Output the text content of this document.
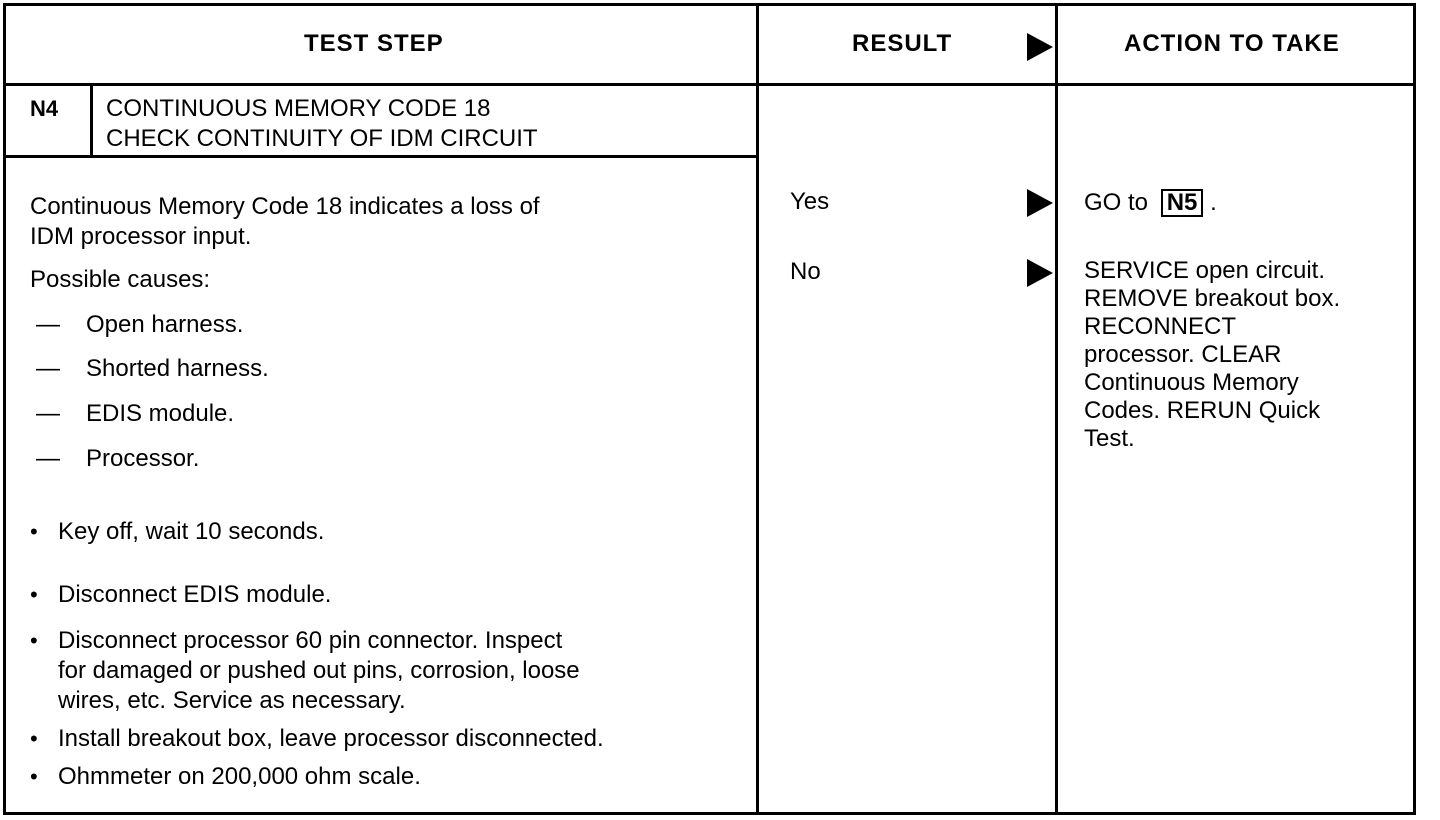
TEST STEP	RESULT	ACTION TO TAKE
N4 CONTINUOUS MEMORY CODE 18
CHECK CONTINUITY OF IDM CIRCUIT
Continuous Memory Code 18 indicates a loss of
IDM processor input.
Possible causes:
— Open harness.
— Shorted harness.
— EDIS module.
— Processor.
• Key off, wait 10 seconds.
• Disconnect EDIS module.
• Disconnect processor 60 pin connector. Inspect
for damaged or pushed out pins, corrosion, loose
wires, etc. Service as necessary.
• Install breakout box, leave processor disconnected.
• Ohmmeter on 200,000 ohm scale.
Yes
No
GO to N5 .
SERVICE open circuit.
REMOVE breakout box.
RECONNECT
processor. CLEAR
Continuous Memory
Codes. RERUN Quick
Test.
